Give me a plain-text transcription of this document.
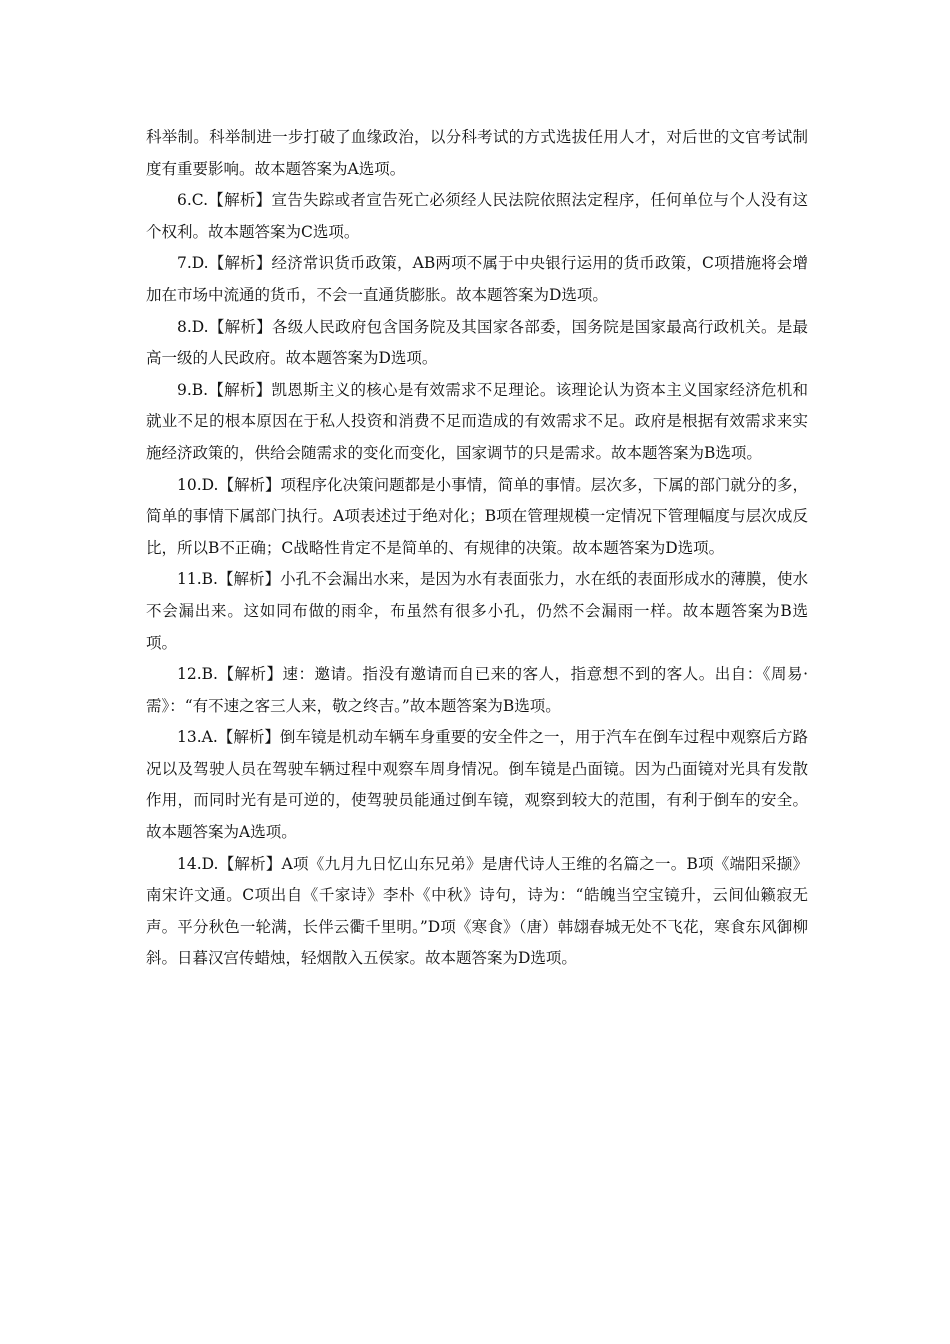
科举制。科举制进一步打破了血缘政治，以分科考试的方式选拔任用人才，对后世的文官考试制度有重要影响。故本题答案为A选项。

6.C.【解析】宣告失踪或者宣告死亡必须经人民法院依照法定程序，任何单位与个人没有这个权利。故本题答案为C选项。

7.D.【解析】经济常识货币政策，AB两项不属于中央银行运用的货币政策，C项措施将会增加在市场中流通的货币，不会一直通货膨胀。故本题答案为D选项。

8.D.【解析】各级人民政府包含国务院及其国家各部委，国务院是国家最高行政机关。是最高一级的人民政府。故本题答案为D选项。

9.B.【解析】凯恩斯主义的核心是有效需求不足理论。该理论认为资本主义国家经济危机和就业不足的根本原因在于私人投资和消费不足而造成的有效需求不足。政府是根据有效需求来实施经济政策的，供给会随需求的变化而变化，国家调节的只是需求。故本题答案为B选项。

10.D.【解析】项程序化决策问题都是小事情，简单的事情。层次多，下属的部门就分的多，简单的事情下属部门执行。A项表述过于绝对化；B项在管理规模一定情况下管理幅度与层次成反比，所以B不正确；C战略性肯定不是简单的、有规律的决策。故本题答案为D选项。

11.B.【解析】小孔不会漏出水来，是因为水有表面张力，水在纸的表面形成水的薄膜，使水不会漏出来。这如同布做的雨伞，布虽然有很多小孔，仍然不会漏雨一样。故本题答案为B选项。

12.B.【解析】速：邀请。指没有邀请而自已来的客人，指意想不到的客人。出自：《周易·需》：“有不速之客三人来，敬之终吉。”故本题答案为B选项。

13.A.【解析】倒车镜是机动车辆车身重要的安全件之一，用于汽车在倒车过程中观察后方路况以及驾驶人员在驾驶车辆过程中观察车周身情况。倒车镜是凸面镜。因为凸面镜对光具有发散作用，而同时光有是可逆的，使驾驶员能通过倒车镜，观察到较大的范围，有利于倒车的安全。故本题答案为A选项。

14.D.【解析】A项《九月九日忆山东兄弟》是唐代诗人王维的名篇之一。B项《端阳采撷》南宋许文通。C项出自《千家诗》李朴《中秋》诗句，诗为：“皓魄当空宝镜升，云间仙籁寂无声。平分秋色一轮满，长伴云衢千里明。”D项《寒食》（唐）韩翃春城无处不飞花，寒食东风御柳斜。日暮汉宫传蜡烛，轻烟散入五侯家。故本题答案为D选项。
